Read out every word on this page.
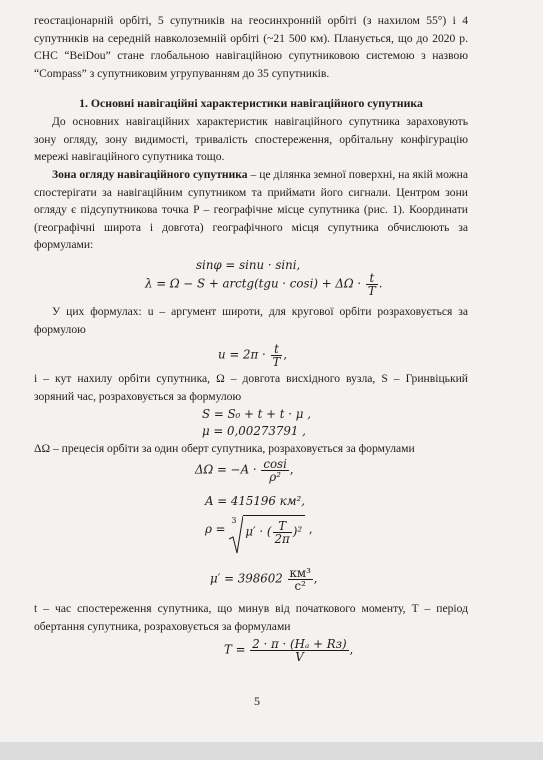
геостаціонарній орбіті, 5 супутників на геосинхронній орбіті (з нахилом 55°) і 4 супутників на середній навколоземній орбіті (~21 500 км). Планується, що до 2020 р. СНС “BeiDou” стане глобальною навігаційною супутниковою системою з назвою “Compass” з супутниковим угрупуванням до 35 супутників.
1. Основні навігаційні характеристики навігаційного супутника
До основних навігаційних характеристик навігаційного супутника зараховують зону огляду, зону видимості, тривалість спостереження, орбітальну конфігурацію мережі навігаційного супутника тощо.
Зона огляду навігаційного супутника – це ділянка земної поверхні, на якій можна спостерігати за навігаційним супутником та приймати його сигнали. Центром зони огляду є підсупутникова точка P – географічне місце супутника (рис. 1). Координати (географічні широта і довгота) географічного місця супутника обчислюють за формулами:
sinφ = sinu · sini,
λ = Ω − S + arctg(tgu · $\cos i) + \Delta\Omega \cdot \frac{t}{T}$ .
У цих формулах: u – аргумент широти, для кругової орбіти розраховується за формулою
$u = 2\pi \cdot \frac{t}{T}$ ,
i – кут нахилу орбіти супутника, Ω – довгота висхідного вузла, S – Гринвіцький зоряний час, розраховується за формулою
S = S₀ + t + t · μ ,
μ = 0,00273791 ,
ΔΩ – прецесія орбіти за один оберт супутника, розраховується за формулами
$\Delta\Omega = -A \cdot \frac{\cos i}{\text{ρ²}}$ ,
A = 415196 км²,
ρ =
3
μ′ · ( $\frac{T}{2\pi} )^2$ ,
$\mu' = 398602 \frac{\text{км³}}{\text{с²}}$ ,
t – час спостереження супутника, що минув від початкового моменту, T – період обертання супутника, розраховується за формулами
$T = \frac{\text{2 · π · (Hₐ + Rз)}}{V}$ ,
5
